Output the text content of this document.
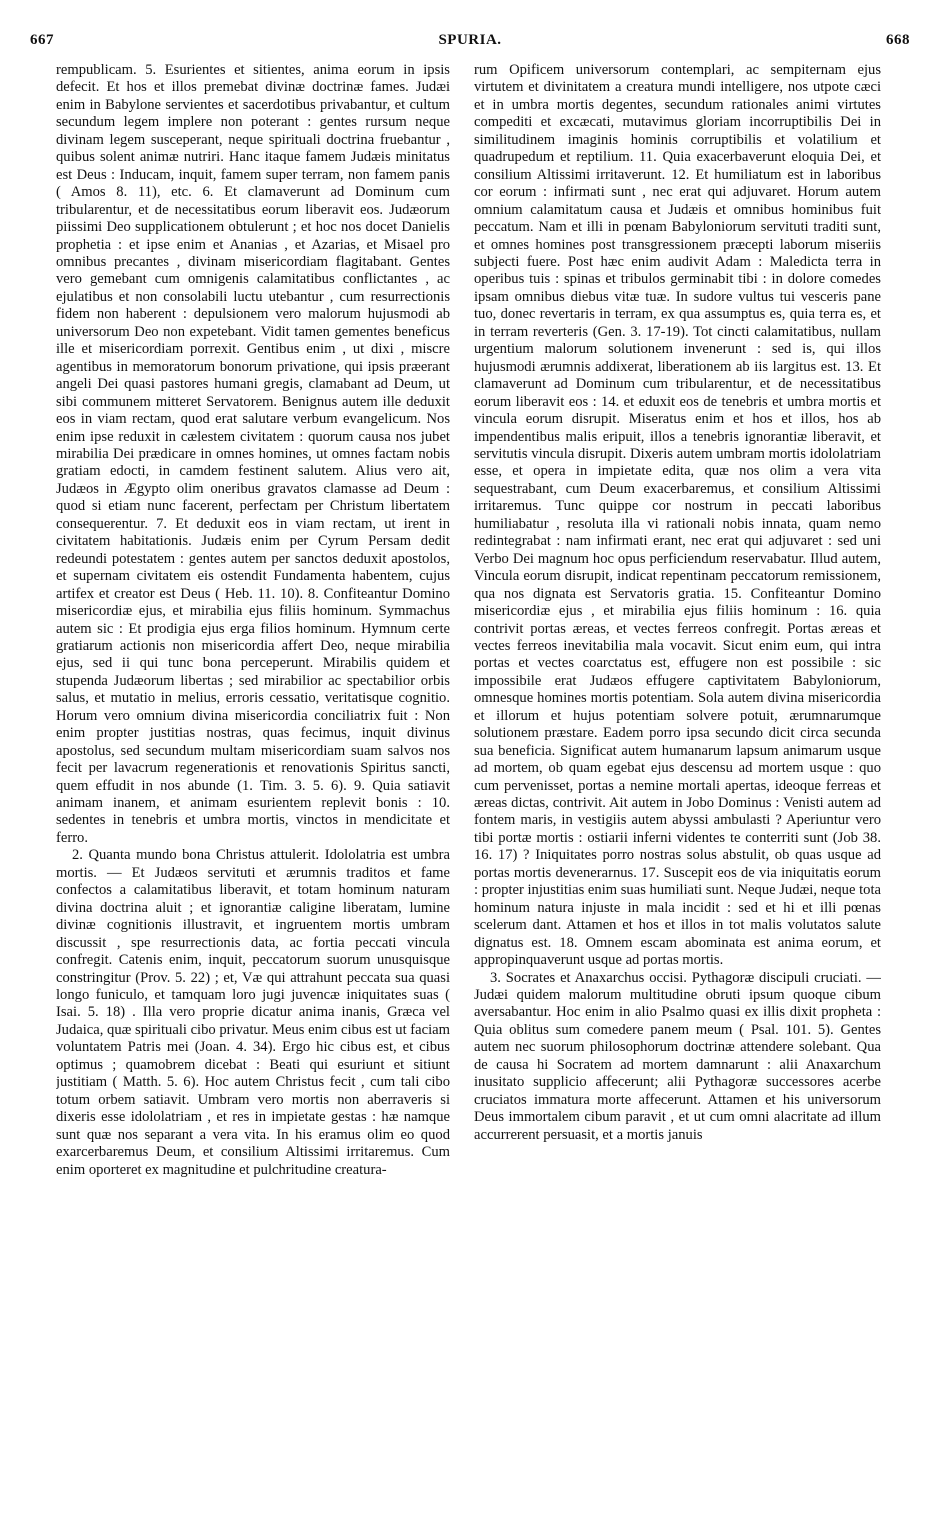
667	SPURIA.	668

rempublicam. 5. Esurientes et sitientes, anima eorum in ipsis defecit. Et hos et illos premebat divinæ doctrinæ fames. Judæi enim in Babylone servientes et sacerdotibus privabantur, et cultum secundum legem implere non poterant : gentes rursum neque divinam legem susceperant, neque spirituali doctrina fruebantur , quibus solent animæ nutriri. Hanc itaque famem Judæis minitatus est Deus : Inducam, inquit, famem super terram, non famem panis ( Amos 8. 11), etc. 6. Et clamaverunt ad Dominum cum tribularentur, et de necessitatibus eorum liberavit eos. Judæorum piissimi Deo supplicationem obtulerunt ; et hoc nos docet Danielis prophetia : et ipse enim et Ananias , et Azarias, et Misael pro omnibus precantes , divinam misericordiam flagitabant. Gentes vero gemebant cum omnigenis calamitatibus conflictantes , ac ejulatibus et non consolabili luctu utebantur , cum resurrectionis fidem non haberent : depulsionem vero malorum hujusmodi ab universorum Deo non expetebant. Vidit tamen gementes beneficus ille et misericordiam porrexit. Gentibus enim , ut dixi , miscre agentibus in memoratorum bonorum privatione, qui ipsis præerant angeli Dei quasi pastores humani gregis, clamabant ad Deum, ut sibi communem mitteret Servatorem. Benignus autem ille deduxit eos in viam rectam, quod erat salutare verbum evangelicum. Nos enim ipse reduxit in cælestem civitatem : quorum causa nos jubet mirabilia Dei prædicare in omnes homines, ut omnes factam nobis gratiam edocti, in camdem festinent salutem. Alius vero ait, Judæos in Ægypto olim oneribus gravatos clamasse ad Deum : quod si etiam nunc facerent, perfectam per Christum libertatem consequerentur. 7. Et deduxit eos in viam rectam, ut irent in civitatem habitationis. Judæis enim per Cyrum Persam dedit redeundi potestatem : gentes autem per sanctos deduxit apostolos, et supernam civitatem eis ostendit Fundamenta habentem, cujus artifex et creator est Deus ( Heb. 11. 10). 8. Confiteantur Domino misericordiæ ejus, et mirabilia ejus filiis hominum. Symmachus autem sic : Et prodigia ejus erga filios hominum. Hymnum certe gratiarum actionis non misericordia affert Deo, neque mirabilia ejus, sed ii qui tunc bona perceperunt. Mirabilis quidem et stupenda Judæorum libertas ; sed mirabilior ac spectabilior orbis salus, et mutatio in melius, erroris cessatio, veritatisque cognitio. Horum vero omnium divina misericordia conciliatrix fuit : Non enim propter justitias nostras, quas fecimus, inquit divinus apostolus, sed secundum multam misericordiam suam salvos nos fecit per lavacrum regenerationis et renovationis Spiritus sancti, quem effudit in nos abunde (1. Tim. 3. 5. 6). 9. Quia satiavit animam inanem, et animam esurientem replevit bonis : 10. sedentes in tenebris et umbra mortis, vinctos in mendicitate et ferro.

2. Quanta mundo bona Christus attulerit. Idololatria est umbra mortis. — Et Judæos servituti et ærumnis traditos et fame confectos a calamitatibus liberavit, et totam hominum naturam divina doctrina aluit ; et ignorantiæ caligine liberatam, lumine divinæ cognitionis illustravit, et ingruentem mortis umbram discussit , spe resurrectionis data, ac fortia peccati vincula confregit. Catenis enim, inquit, peccatorum suorum unusquisque constringitur (Prov. 5. 22) ; et, Væ qui attrahunt peccata sua quasi longo funiculo, et tamquam loro jugi juvencæ iniquitates suas ( Isai. 5. 18) . Illa vero proprie dicatur anima inanis, Græca vel Judaica, quæ spirituali cibo privatur. Meus enim cibus est ut faciam voluntatem Patris mei (Joan. 4. 34). Ergo hic cibus est, et cibus optimus ; quamobrem dicebat : Beati qui esuriunt et sitiunt justitiam ( Matth. 5. 6). Hoc autem Christus fecit , cum tali cibo totum orbem satiavit. Umbram vero mortis non aberraveris si dixeris esse idololatriam , et res in impietate gestas : hæ namque sunt quæ nos separant a vera vita. In his eramus olim eo quod exarcerbaremus Deum, et consilium Altissimi irritaremus. Cum enim oporteret ex magnitudine et pulchritudine creatura-

rum Opificem universorum contemplari, ac sempiternam ejus virtutem et divinitatem a creatura mundi intelligere, nos utpote cæci et in umbra mortis degentes, secundum rationales animi virtutes compediti et excæcati, mutavimus gloriam incorruptibilis Dei in similitudinem imaginis hominis corruptibilis et volatilium et quadrupedum et reptilium. 11. Quia exacerbaverunt eloquia Dei, et consilium Altissimi irritaverunt. 12. Et humiliatum est in laboribus cor eorum : infirmati sunt , nec erat qui adjuvaret. Horum autem omnium calamitatum causa et Judæis et omnibus hominibus fuit peccatum. Nam et illi in pœnam Babyloniorum servituti traditi sunt, et omnes homines post transgressionem præcepti laborum miseriis subjecti fuere. Post hæc enim audivit Adam : Maledicta terra in operibus tuis : spinas et tribulos germinabit tibi : in dolore comedes ipsam omnibus diebus vitæ tuæ. In sudore vultus tui vesceris pane tuo, donec revertaris in terram, ex qua assumptus es, quia terra es, et in terram reverteris (Gen. 3. 17-19). Tot cincti calamitatibus, nullam urgentium malorum solutionem invenerunt : sed is, qui illos hujusmodi ærumnis addixerat, liberationem ab iis largitus est. 13. Et clamaverunt ad Dominum cum tribularentur, et de necessitatibus eorum liberavit eos : 14. et eduxit eos de tenebris et umbra mortis et vincula eorum disrupit. Miseratus enim et hos et illos, hos ab impendentibus malis eripuit, illos a tenebris ignorantiæ liberavit, et servitutis vincula disrupit. Dixeris autem umbram mortis idololatriam esse, et opera in impietate edita, quæ nos olim a vera vita sequestrabant, cum Deum exacerbaremus, et consilium Altissimi irritaremus. Tunc quippe cor nostrum in peccati laboribus humiliabatur , resoluta illa vi rationali nobis innata, quam nemo redintegrabat : nam infirmati erant, nec erat qui adjuvaret : sed uni Verbo Dei magnum hoc opus perficiendum reservabatur. Illud autem, Vincula eorum disrupit, indicat repentinam peccatorum remissionem, qua nos dignata est Servatoris gratia. 15. Confiteantur Domino misericordiæ ejus , et mirabilia ejus filiis hominum : 16. quia contrivit portas æreas, et vectes ferreos confregit. Portas æreas et vectes ferreos inevitabilia mala vocavit. Sicut enim eum, qui intra portas et vectes coarctatus est, effugere non est possibile : sic impossibile erat Judæos effugere captivitatem Babyloniorum, omnesque homines mortis potentiam. Sola autem divina misericordia et illorum et hujus potentiam solvere potuit, ærumnarumque solutionem præstare. Eadem porro ipsa secundo dicit circa secunda sua beneficia. Significat autem humanarum lapsum animarum usque ad mortem, ob quam egebat ejus descensu ad mortem usque : quo cum pervenisset, portas a nemine mortali apertas, ideoque ferreas et æreas dictas, contrivit. Ait autem in Jobo Dominus : Venisti autem ad fontem maris, in vestigiis autem abyssi ambulasti ? Aperiuntur vero tibi portæ mortis : ostiarii inferni videntes te conterriti sunt (Job 38. 16. 17) ? Iniquitates porro nostras solus abstulit, ob quas usque ad portas mortis devenerarnus. 17. Suscepit eos de via iniquitatis eorum : propter injustitias enim suas humiliati sunt. Neque Judæi, neque tota hominum natura injuste in mala incidit : sed et hi et illi pœnas scelerum dant. Attamen et hos et illos in tot malis volutatos salute dignatus est. 18. Omnem escam abominata est anima eorum, et appropinquaverunt usque ad portas mortis.

3. Socrates et Anaxarchus occisi. Pythagoræ discipuli cruciati. — Judæi quidem malorum multitudine obruti ipsum quoque cibum aversabantur. Hoc enim in alio Psalmo quasi ex illis dixit propheta : Quia oblitus sum comedere panem meum ( Psal. 101. 5). Gentes autem nec suorum philosophorum doctrinæ attendere solebant. Qua de causa hi Socratem ad mortem damnarunt : alii Anaxarchum inusitato supplicio affecerunt; alii Pythagoræ successores acerbe cruciatos immatura morte affecerunt. Attamen et his universorum Deus immortalem cibum paravit , et ut cum omni alacritate ad illum accurrerent persuasit, et a mortis januis
